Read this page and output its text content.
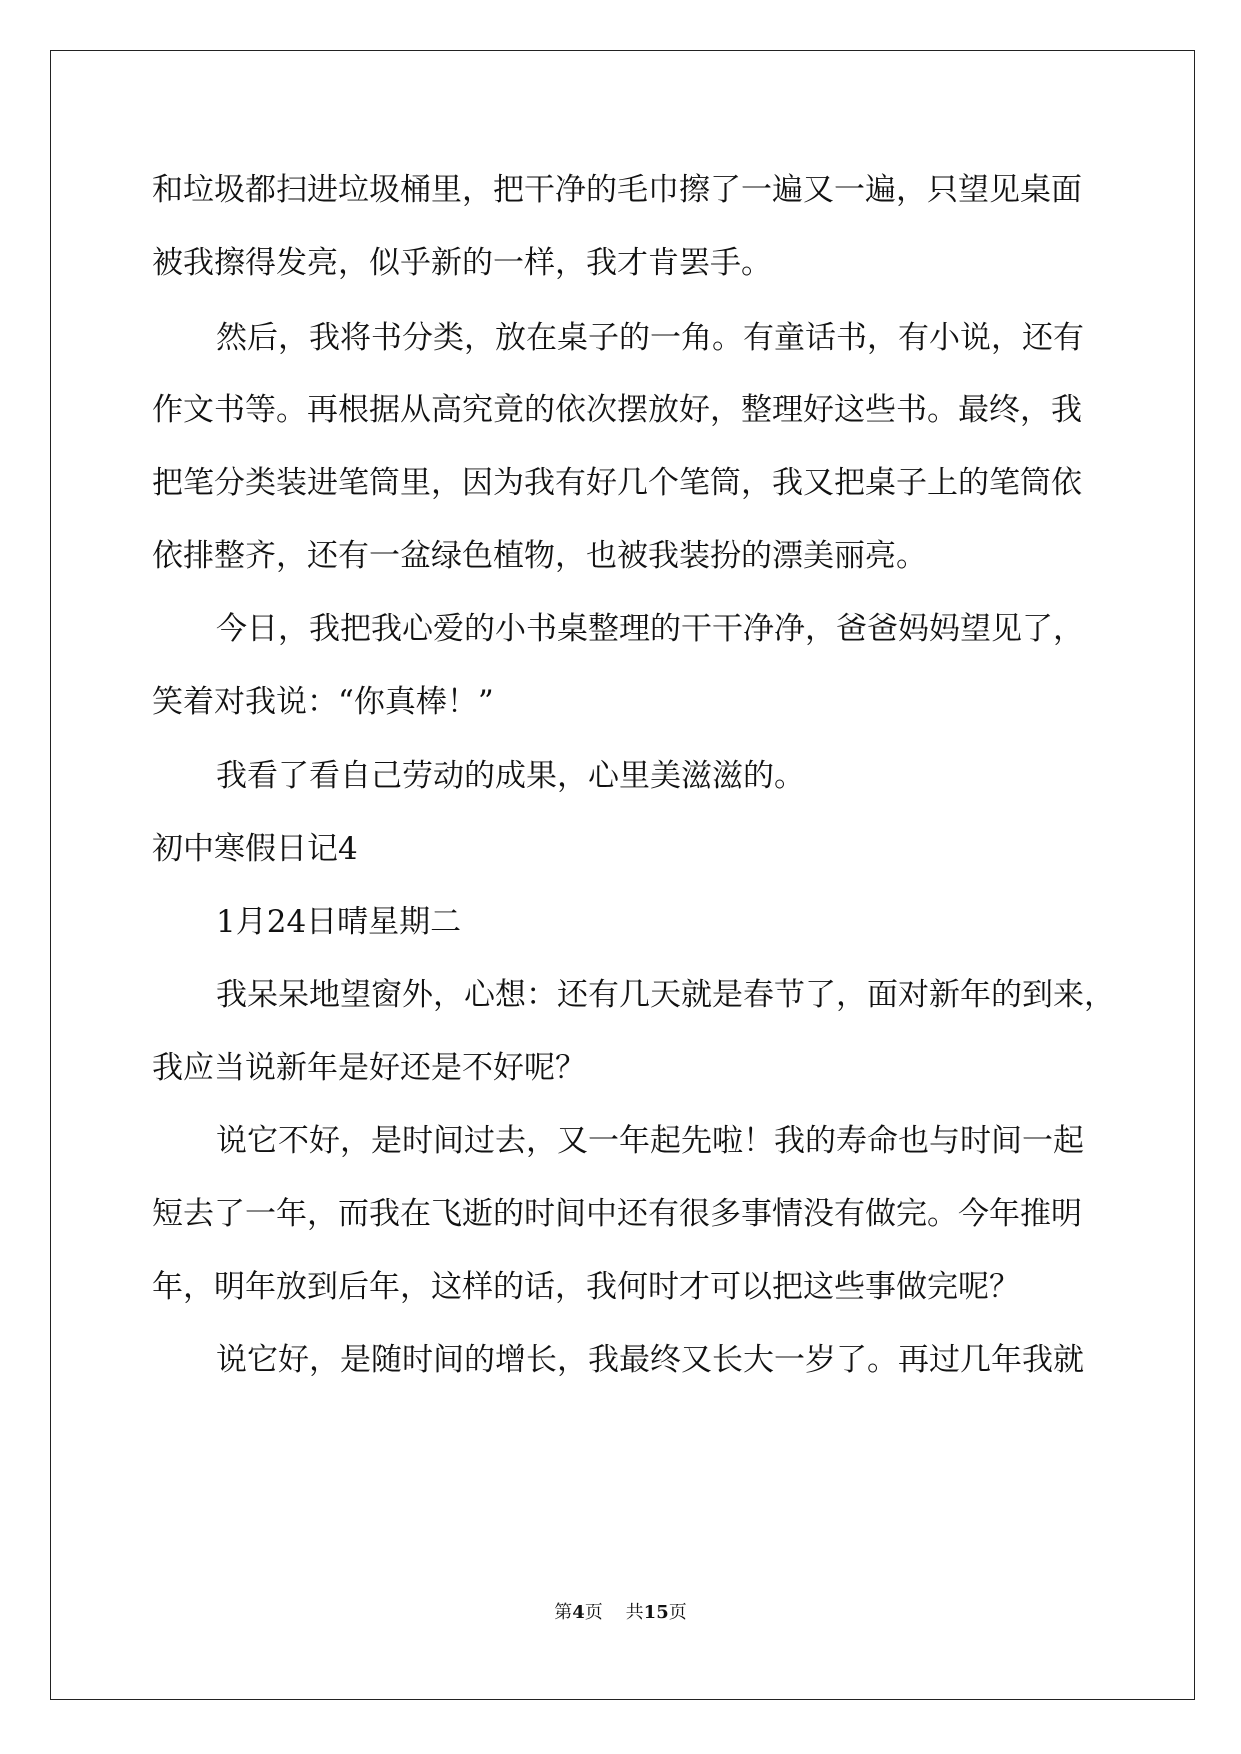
和垃圾都扫进垃圾桶里，把干净的毛巾擦了一遍又一遍，只望见桌面
被我擦得发亮，似乎新的一样，我才肯罢手。
然后，我将书分类，放在桌子的一角。有童话书，有小说，还有
作文书等。再根据从高究竟的依次摆放好，整理好这些书。最终，我
把笔分类装进笔筒里，因为我有好几个笔筒，我又把桌子上的笔筒依
依排整齐，还有一盆绿色植物，也被我装扮的漂美丽亮。
今日，我把我心爱的小书桌整理的干干净净，爸爸妈妈望见了，
笑着对我说：“你真棒！”
我看了看自己劳动的成果，心里美滋滋的。
初中寒假日记4
1月24日晴星期二
我呆呆地望窗外，心想：还有几天就是春节了，面对新年的到来，
我应当说新年是好还是不好呢？
说它不好，是时间过去，又一年起先啦！我的寿命也与时间一起
短去了一年，而我在飞逝的时间中还有很多事情没有做完。今年推明
年，明年放到后年，这样的话，我何时才可以把这些事做完呢？
说它好，是随时间的增长，我最终又长大一岁了。再过几年我就
第4页 共15页
